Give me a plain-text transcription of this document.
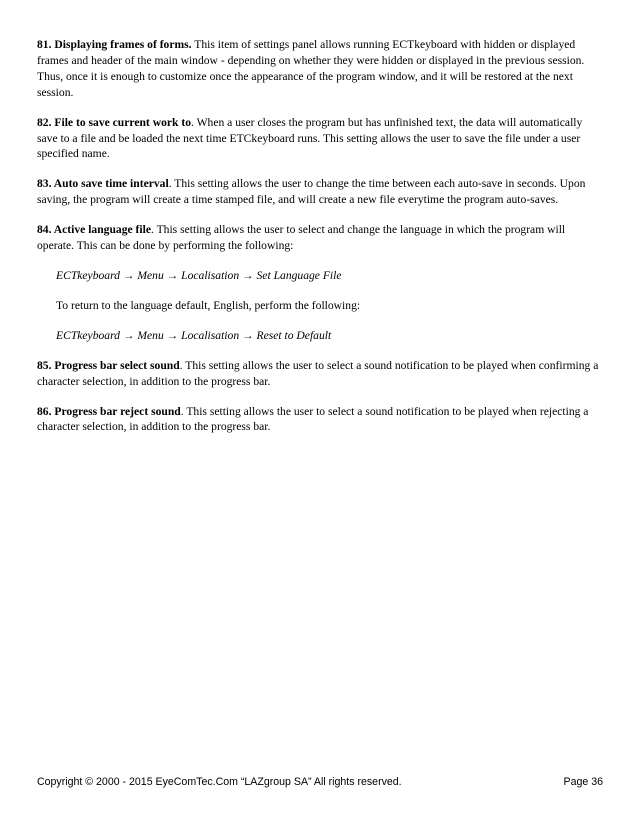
81. Displaying frames of forms. This item of settings panel allows running ECTkeyboard with hidden or displayed frames and header of the main window - depending on whether they were hidden or displayed in the previous session. Thus, once it is enough to customize once the appearance of the program window, and it will be restored at the next session.

82. File to save current work to. When a user closes the program but has unfinished text, the data will automatically save to a file and be loaded the next time ETCkeyboard runs. This setting allows the user to save the file under a user specified name.

83. Auto save time interval. This setting allows the user to change the time between each auto-save in seconds. Upon saving, the program will create a time stamped file, and will create a new file everytime the program auto-saves.

84. Active language file. This setting allows the user to select and change the language in which the program will operate. This can be done by performing the following:

ECTkeyboard → Menu → Localisation → Set Language File

To return to the language default, English, perform the following:

ECTkeyboard → Menu → Localisation → Reset to Default

85. Progress bar select sound. This setting allows the user to select a sound notification to be played when confirming a character selection, in addition to the progress bar.

86. Progress bar reject sound. This setting allows the user to select a sound notification to be played when rejecting a character selection, in addition to the progress bar.

Copyright © 2000 - 2015 EyeComTec.Com “LAZgroup SA” All rights reserved.	Page 36
